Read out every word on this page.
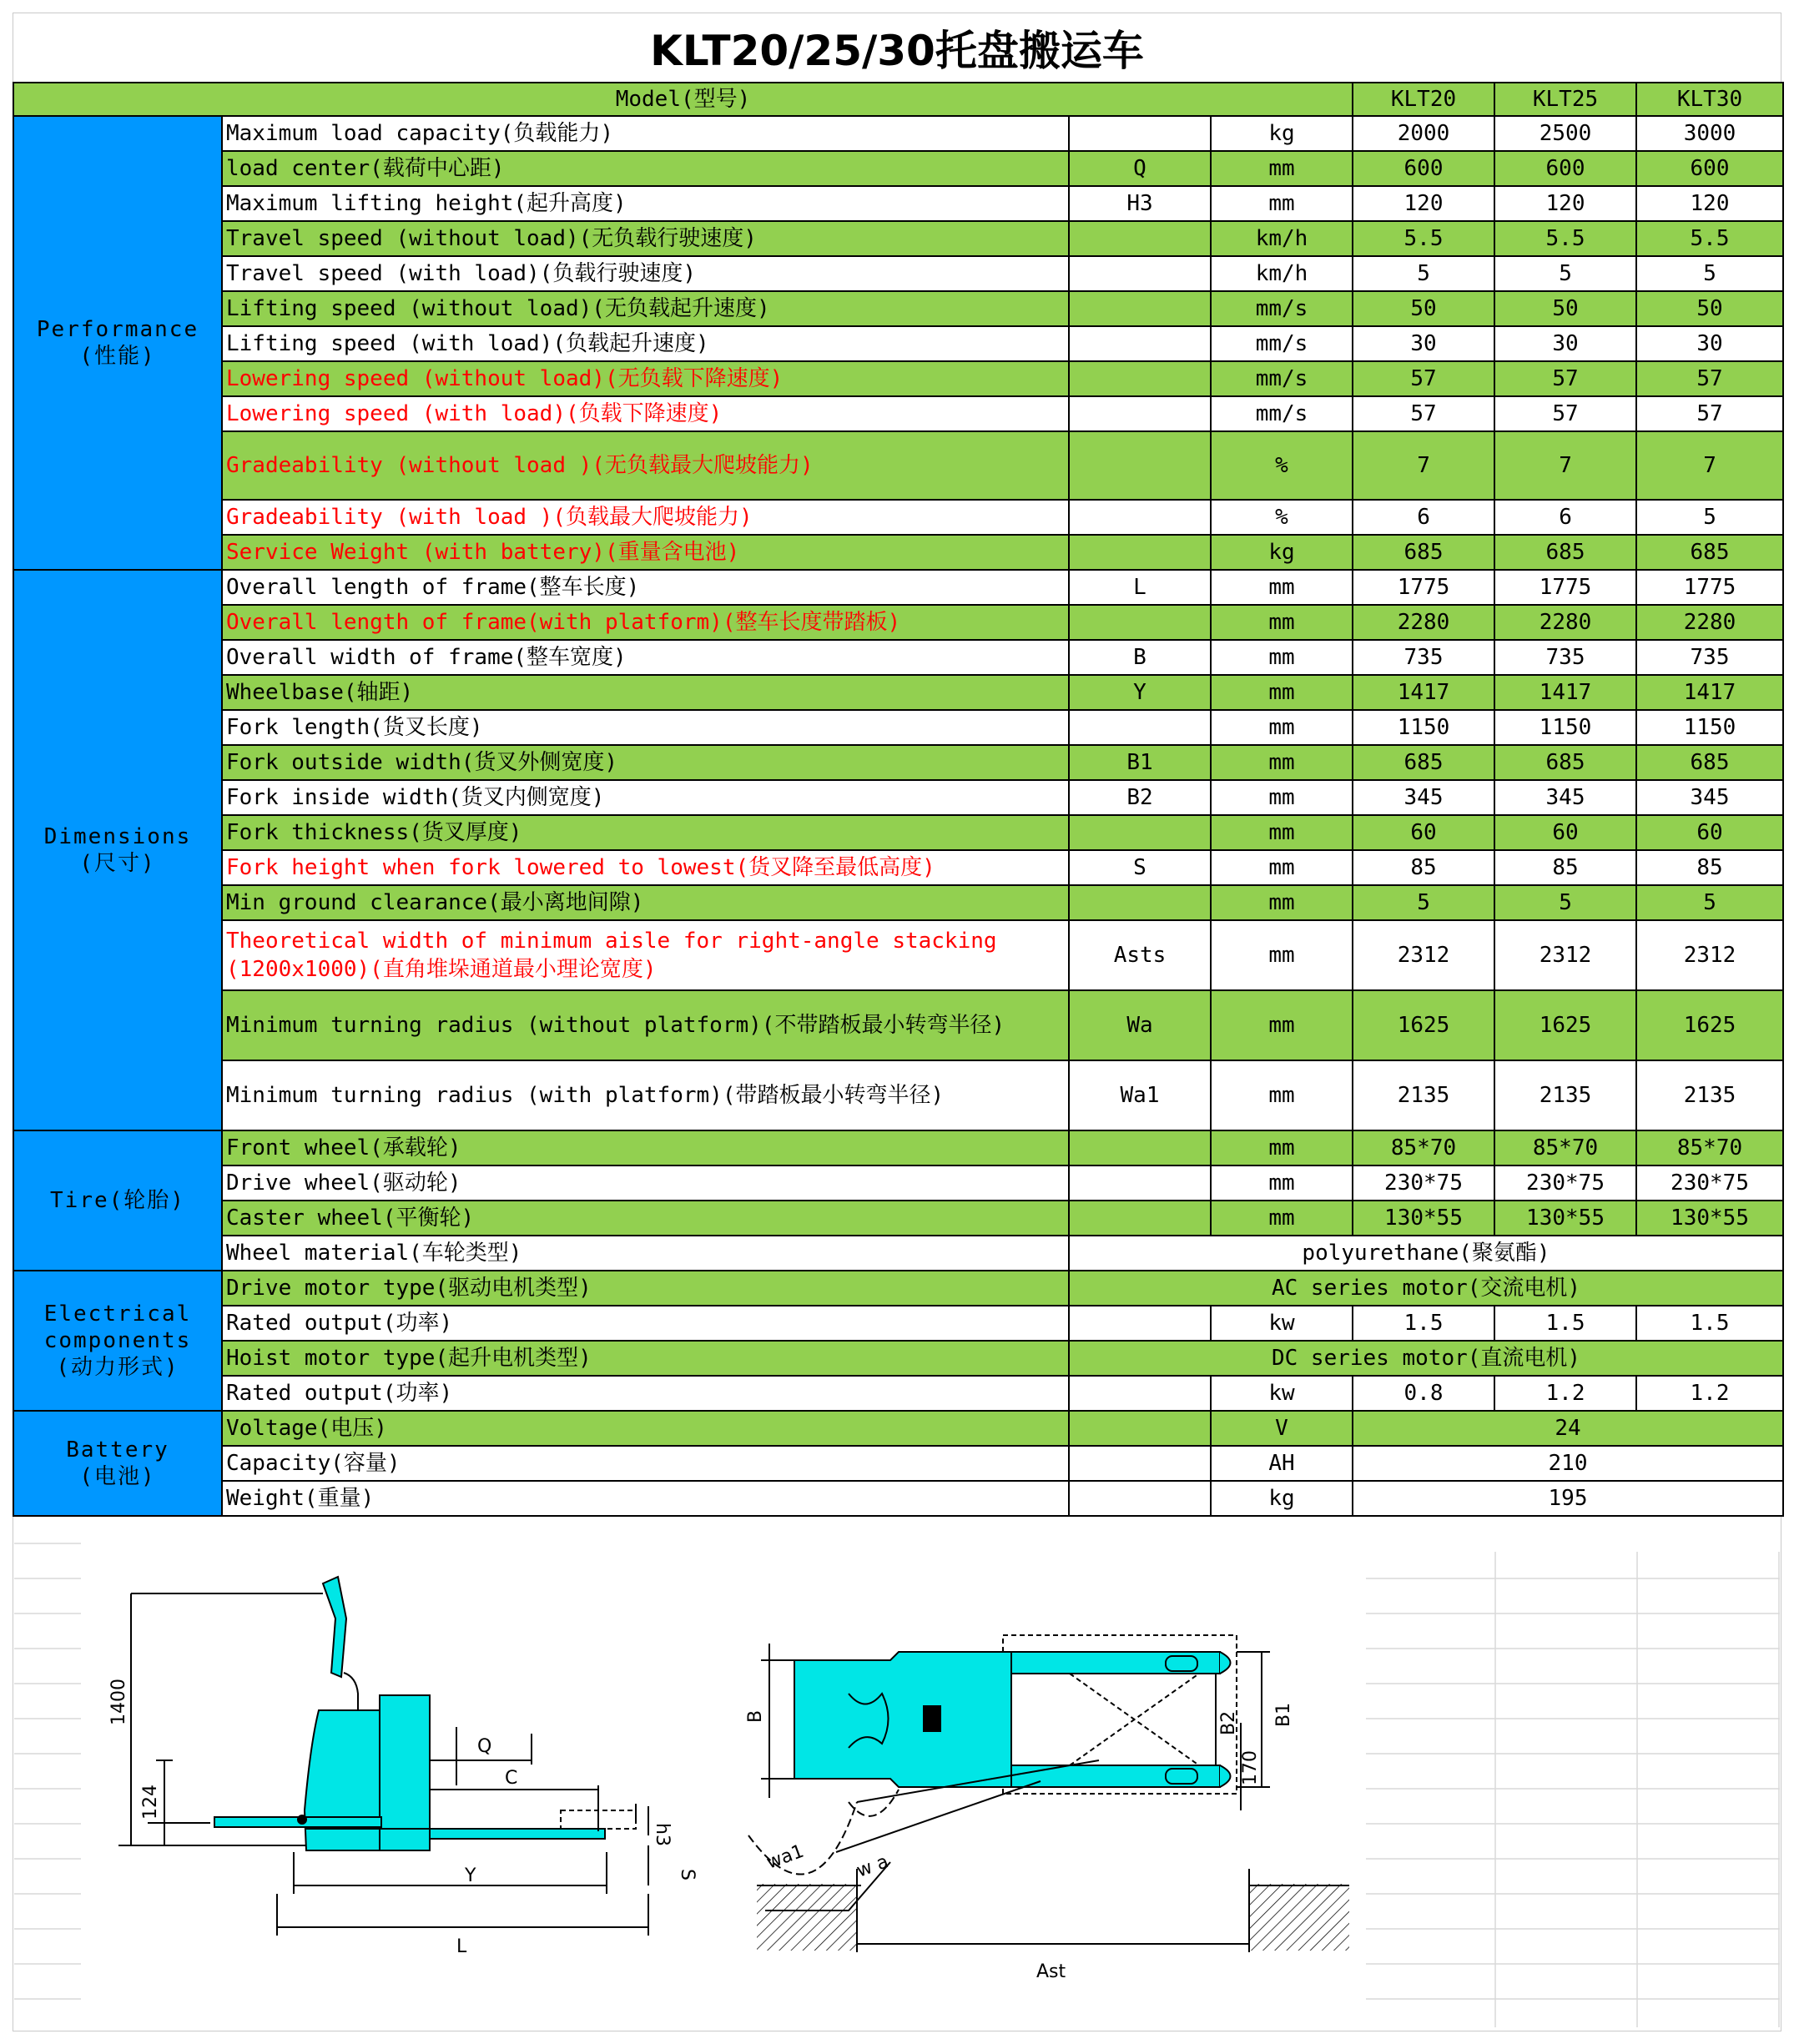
KLT20/25/30托盘搬运车
Model(型号)				KLT20	KLT25	KLT30

Performance
(性能)	Maximum load capacity(负载能力)		kg	2000	2500	3000
	load center(载荷中心距)	Q	mm	600	600	600
	Maximum lifting height(起升高度)	H3	mm	120	120	120
	Travel speed (without load)(无负载行驶速度)		km/h	5.5	5.5	5.5
	Travel speed (with load)(负载行驶速度)		km/h	5	5	5
	Lifting speed (without load)(无负载起升速度)		mm/s	50	50	50
	Lifting speed (with load)(负载起升速度)		mm/s	30	30	30
	Lowering speed (without load)(无负载下降速度)		mm/s	57	57	57
	Lowering speed (with load)(负载下降速度)		mm/s	57	57	57
	Gradeability (without load )(无负载最大爬坡能力)		%	7	7	7
	Gradeability (with load )(负载最大爬坡能力)		%	6	6	5
	Service Weight (with battery)(重量含电池)		kg	685	685	685

Dimensions
(尺寸)	Overall length of frame(整车长度)	L	mm	1775	1775	1775
	Overall length of frame(with platform)(整车长度带踏板)		mm	2280	2280	2280
	Overall width of frame(整车宽度)	B	mm	735	735	735
	Wheelbase(轴距)	Y	mm	1417	1417	1417
	Fork length(货叉长度)		mm	1150	1150	1150
	Fork outside width(货叉外侧宽度)	B1	mm	685	685	685
	Fork inside width(货叉内侧宽度)	B2	mm	345	345	345
	Fork thickness(货叉厚度)		mm	60	60	60
	Fork height when fork lowered to lowest(货叉降至最低高度)	S	mm	85	85	85
	Min ground clearance(最小离地间隙)		mm	5	5	5
	Theoretical width of minimum aisle for right-angle stacking (1200x1000)(直角堆垛通道最小理论宽度)	Asts	mm	2312	2312	2312
	Minimum turning radius (without platform)(不带踏板最小转弯半径)	Wa	mm	1625	1625	1625
	Minimum turning radius (with platform)(带踏板最小转弯半径)	Wa1	mm	2135	2135	2135

Tire(轮胎)	Front wheel(承载轮)		mm	85*70	85*70	85*70
	Drive wheel(驱动轮)		mm	230*75	230*75	230*75
	Caster wheel(平衡轮)		mm	130*55	130*55	130*55
	Wheel material(车轮类型)	polyurethane(聚氨酯)				

Electrical
components
(动力形式)	Drive motor type(驱动电机类型)	AC series motor(交流电机)				
	Rated output(功率)		kw	1.5	1.5	1.5
	Hoist motor type(起升电机类型)	DC series motor(直流电机)				
	Rated output(功率)		kw	0.8	1.2	1.2

Battery
(电池)	Voltage(电压)		V	24		
	Capacity(容量)		AH	210		
	Weight(重量)		kg	195		
1400
124
Q
C
h3
S
Y
L
B	B2 B1
170
wa1	w a
Ast
